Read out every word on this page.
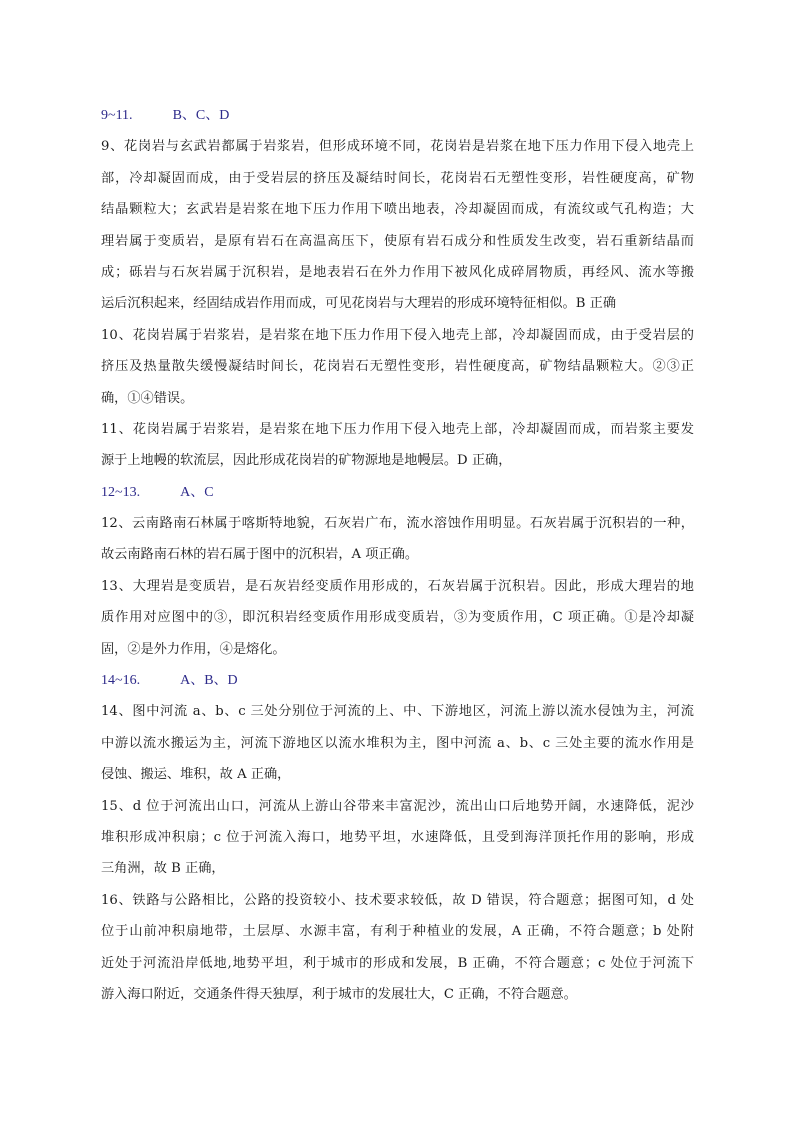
9~11.	B、C、D
9、花岗岩与玄武岩都属于岩浆岩，但形成环境不同，花岗岩是岩浆在地下压力作用下侵入地壳上
部，冷却凝固而成，由于受岩层的挤压及凝结时间长，花岗岩石无塑性变形，岩性硬度高，矿物
结晶颗粒大；玄武岩是岩浆在地下压力作用下喷出地表，冷却凝固而成，有流纹或气孔构造；大
理岩属于变质岩，是原有岩石在高温高压下，使原有岩石成分和性质发生改变，岩石重新结晶而
成；砾岩与石灰岩属于沉积岩，是地表岩石在外力作用下被风化成碎屑物质，再经风、流水等搬
运后沉积起来，经固结成岩作用而成，可见花岗岩与大理岩的形成环境特征相似。B 正确
10、花岗岩属于岩浆岩，是岩浆在地下压力作用下侵入地壳上部，冷却凝固而成，由于受岩层的
挤压及热量散失缓慢凝结时间长，花岗岩石无塑性变形，岩性硬度高，矿物结晶颗粒大。②③正
确，①④错误。
11、花岗岩属于岩浆岩，是岩浆在地下压力作用下侵入地壳上部，冷却凝固而成，而岩浆主要发
源于上地幔的软流层，因此形成花岗岩的矿物源地是地幔层。D 正确，
12~13.	A、C
12、云南路南石林属于喀斯特地貌，石灰岩广布，流水溶蚀作用明显。石灰岩属于沉积岩的一种，
故云南路南石林的岩石属于图中的沉积岩，A 项正确。
13、大理岩是变质岩，是石灰岩经变质作用形成的，石灰岩属于沉积岩。因此，形成大理岩的地
质作用对应图中的③，即沉积岩经变质作用形成变质岩，③为变质作用，C 项正确。①是冷却凝
固，②是外力作用，④是熔化。
14~16.	A、B、D
14、图中河流 a、b、c 三处分别位于河流的上、中、下游地区，河流上游以流水侵蚀为主，河流
中游以流水搬运为主，河流下游地区以流水堆积为主，图中河流 a、b、c 三处主要的流水作用是
侵蚀、搬运、堆积，故 A 正确，
15、d 位于河流出山口，河流从上游山谷带来丰富泥沙，流出山口后地势开阔，水速降低，泥沙
堆积形成冲积扇；c 位于河流入海口，地势平坦，水速降低，且受到海洋顶托作用的影响，形成
三角洲，故 B 正确，
16、铁路与公路相比，公路的投资较小、技术要求较低，故 D 错误，符合题意；据图可知，d 处
位于山前冲积扇地带，土层厚、水源丰富，有利于种植业的发展，A 正确，不符合题意；b 处附
近处于河流沿岸低地,地势平坦，利于城市的形成和发展，B 正确，不符合题意；c 处位于河流下
游入海口附近，交通条件得天独厚，利于城市的发展壮大，C 正确，不符合题意。
